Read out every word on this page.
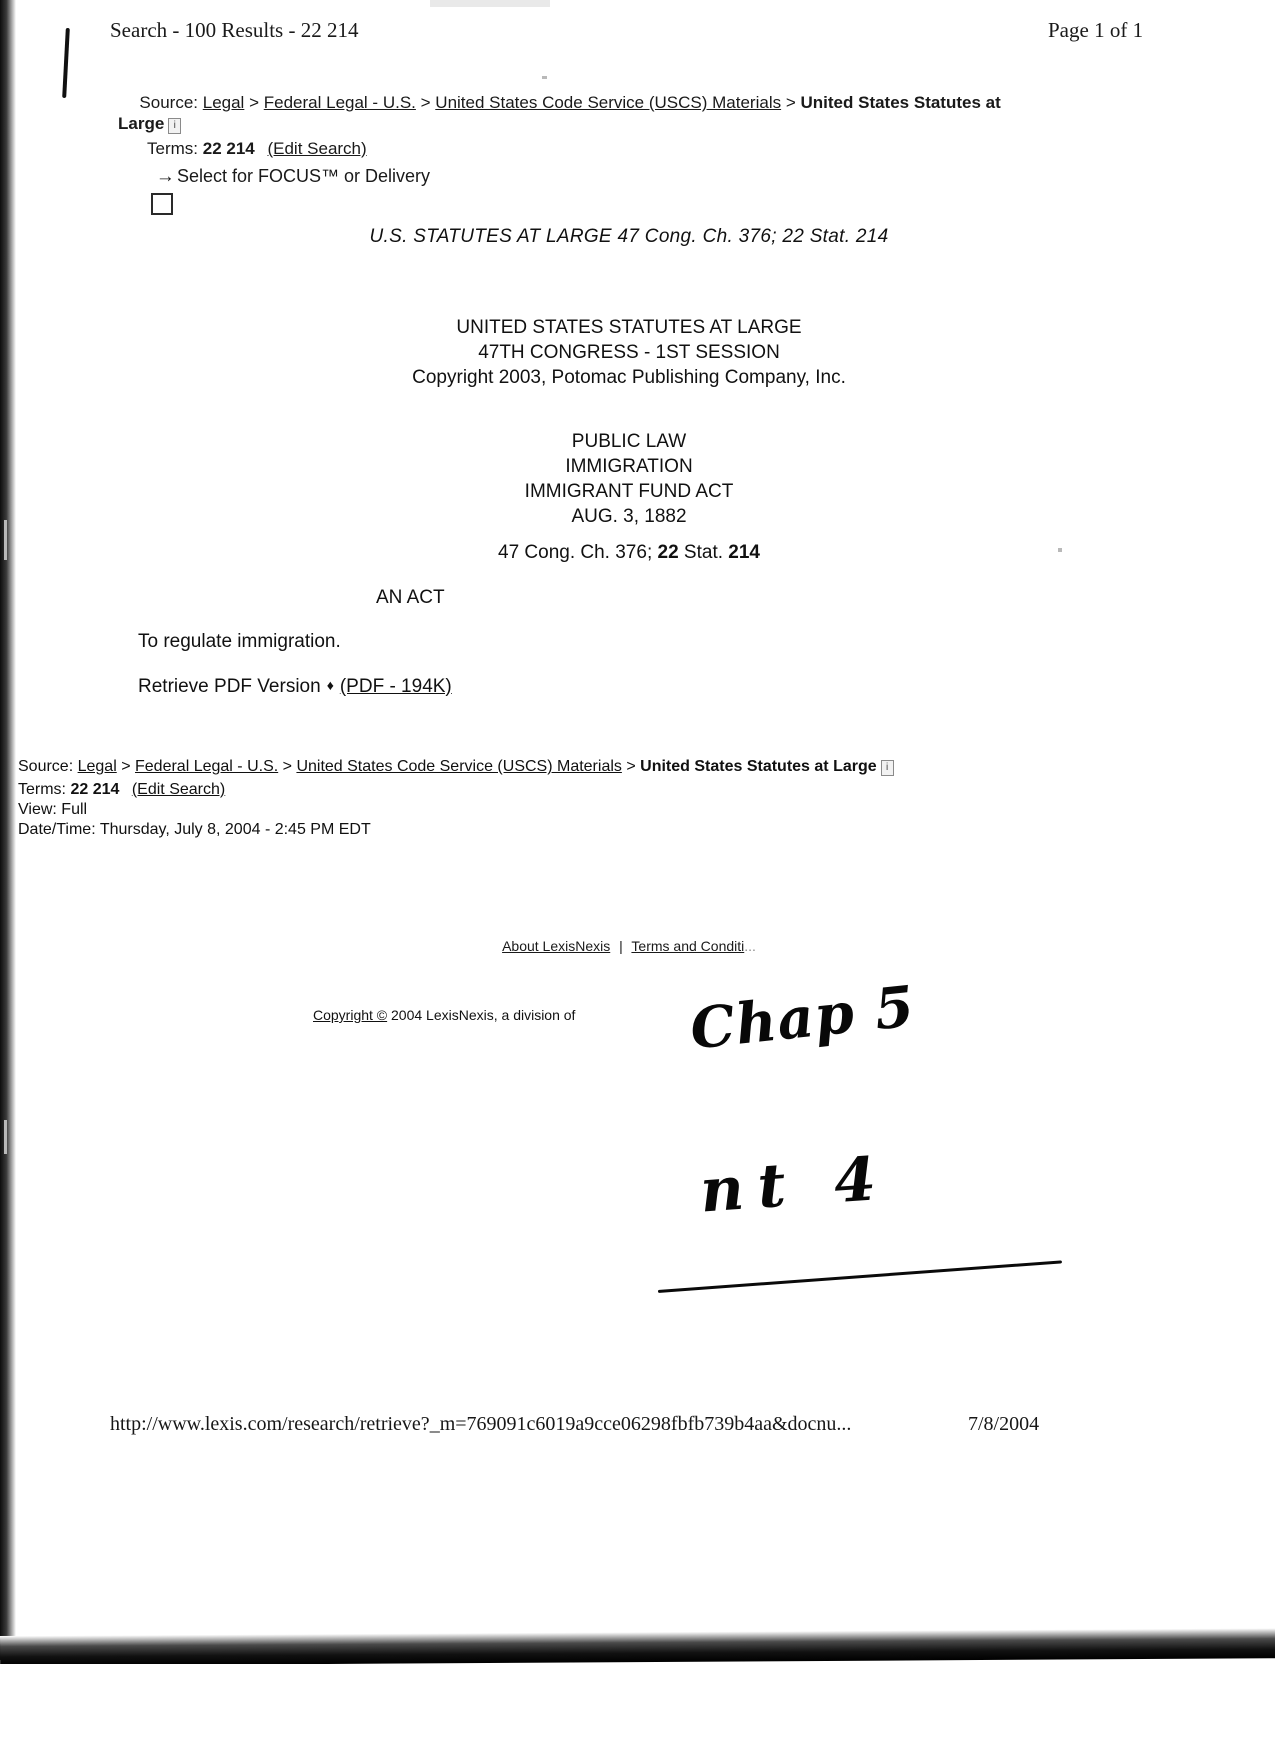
Search - 100 Results - 22 214	Page 1 of 1
Source: Legal > Federal Legal - U.S. > United States Code Service (USCS) Materials > United States Statutes at Large i
Terms: 22 214 (Edit Search)
← Select for FOCUS™ or Delivery
U.S. STATUTES AT LARGE 47 Cong. Ch. 376; 22 Stat. 214
UNITED STATES STATUTES AT LARGE
47TH CONGRESS - 1ST SESSION
Copyright 2003, Potomac Publishing Company, Inc.
PUBLIC LAW
IMMIGRATION
IMMIGRANT FUND ACT
AUG. 3, 1882
47 Cong. Ch. 376; 22 Stat. 214
AN ACT
To regulate immigration.
Retrieve PDF Version ♦ (PDF - 194K)
Source: Legal > Federal Legal - U.S. > United States Code Service (USCS) Materials > United States Statutes at Large i
Terms: 22 214 (Edit Search)
View: Full
Date/Time: Thursday, July 8, 2004 - 2:45 PM EDT
About LexisNexis | Terms and Conditi...
Copyright © 2004 LexisNexis, a division of Chap 5
nt 4
http://www.lexis.com/research/retrieve?_m=769091c6019a9cce06298fbfb739b4aa&docnu...	7/8/2004
